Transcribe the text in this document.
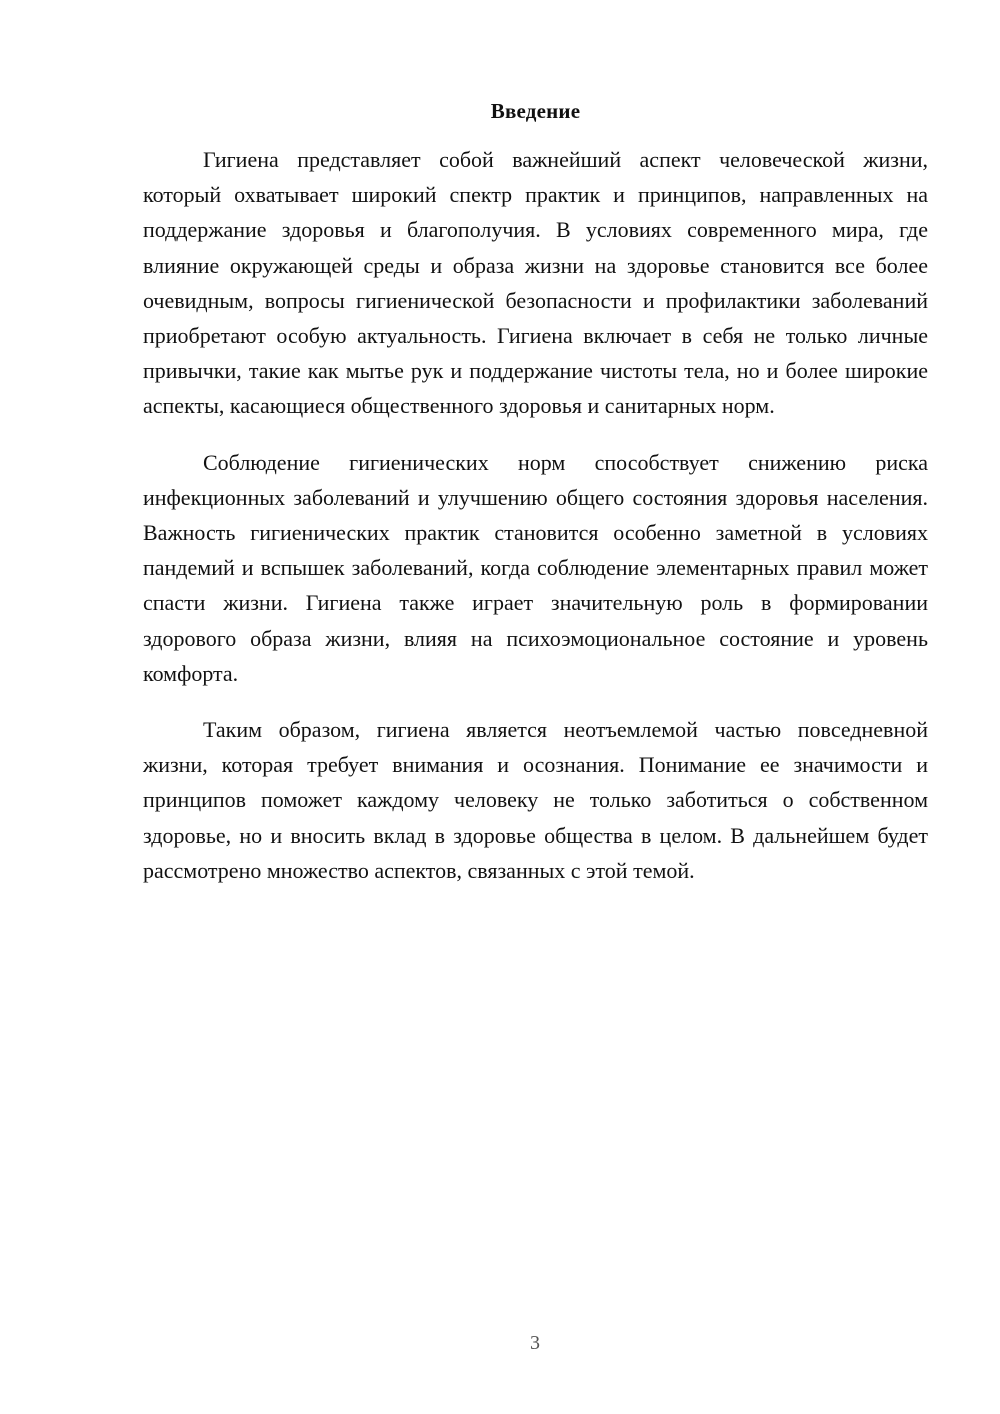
Введение

Гигиена представляет собой важнейший аспект человеческой жизни, который охватывает широкий спектр практик и принципов, направленных на поддержание здоровья и благополучия. В условиях современного мира, где влияние окружающей среды и образа жизни на здоровье становится все более очевидным, вопросы гигиенической безопасности и профилактики заболеваний приобретают особую актуальность. Гигиена включает в себя не только личные привычки, такие как мытье рук и поддержание чистоты тела, но и более широкие аспекты, касающиеся общественного здоровья и санитарных норм.

Соблюдение гигиенических норм способствует снижению риска инфекционных заболеваний и улучшению общего состояния здоровья населения. Важность гигиенических практик становится особенно заметной в условиях пандемий и вспышек заболеваний, когда соблюдение элементарных правил может спасти жизни. Гигиена также играет значительную роль в формировании здорового образа жизни, влияя на психоэмоциональное состояние и уровень комфорта.

Таким образом, гигиена является неотъемлемой частью повседневной жизни, которая требует внимания и осознания. Понимание ее значимости и принципов поможет каждому человеку не только заботиться о собственном здоровье, но и вносить вклад в здоровье общества в целом. В дальнейшем будет рассмотрено множество аспектов, связанных с этой темой.

3
